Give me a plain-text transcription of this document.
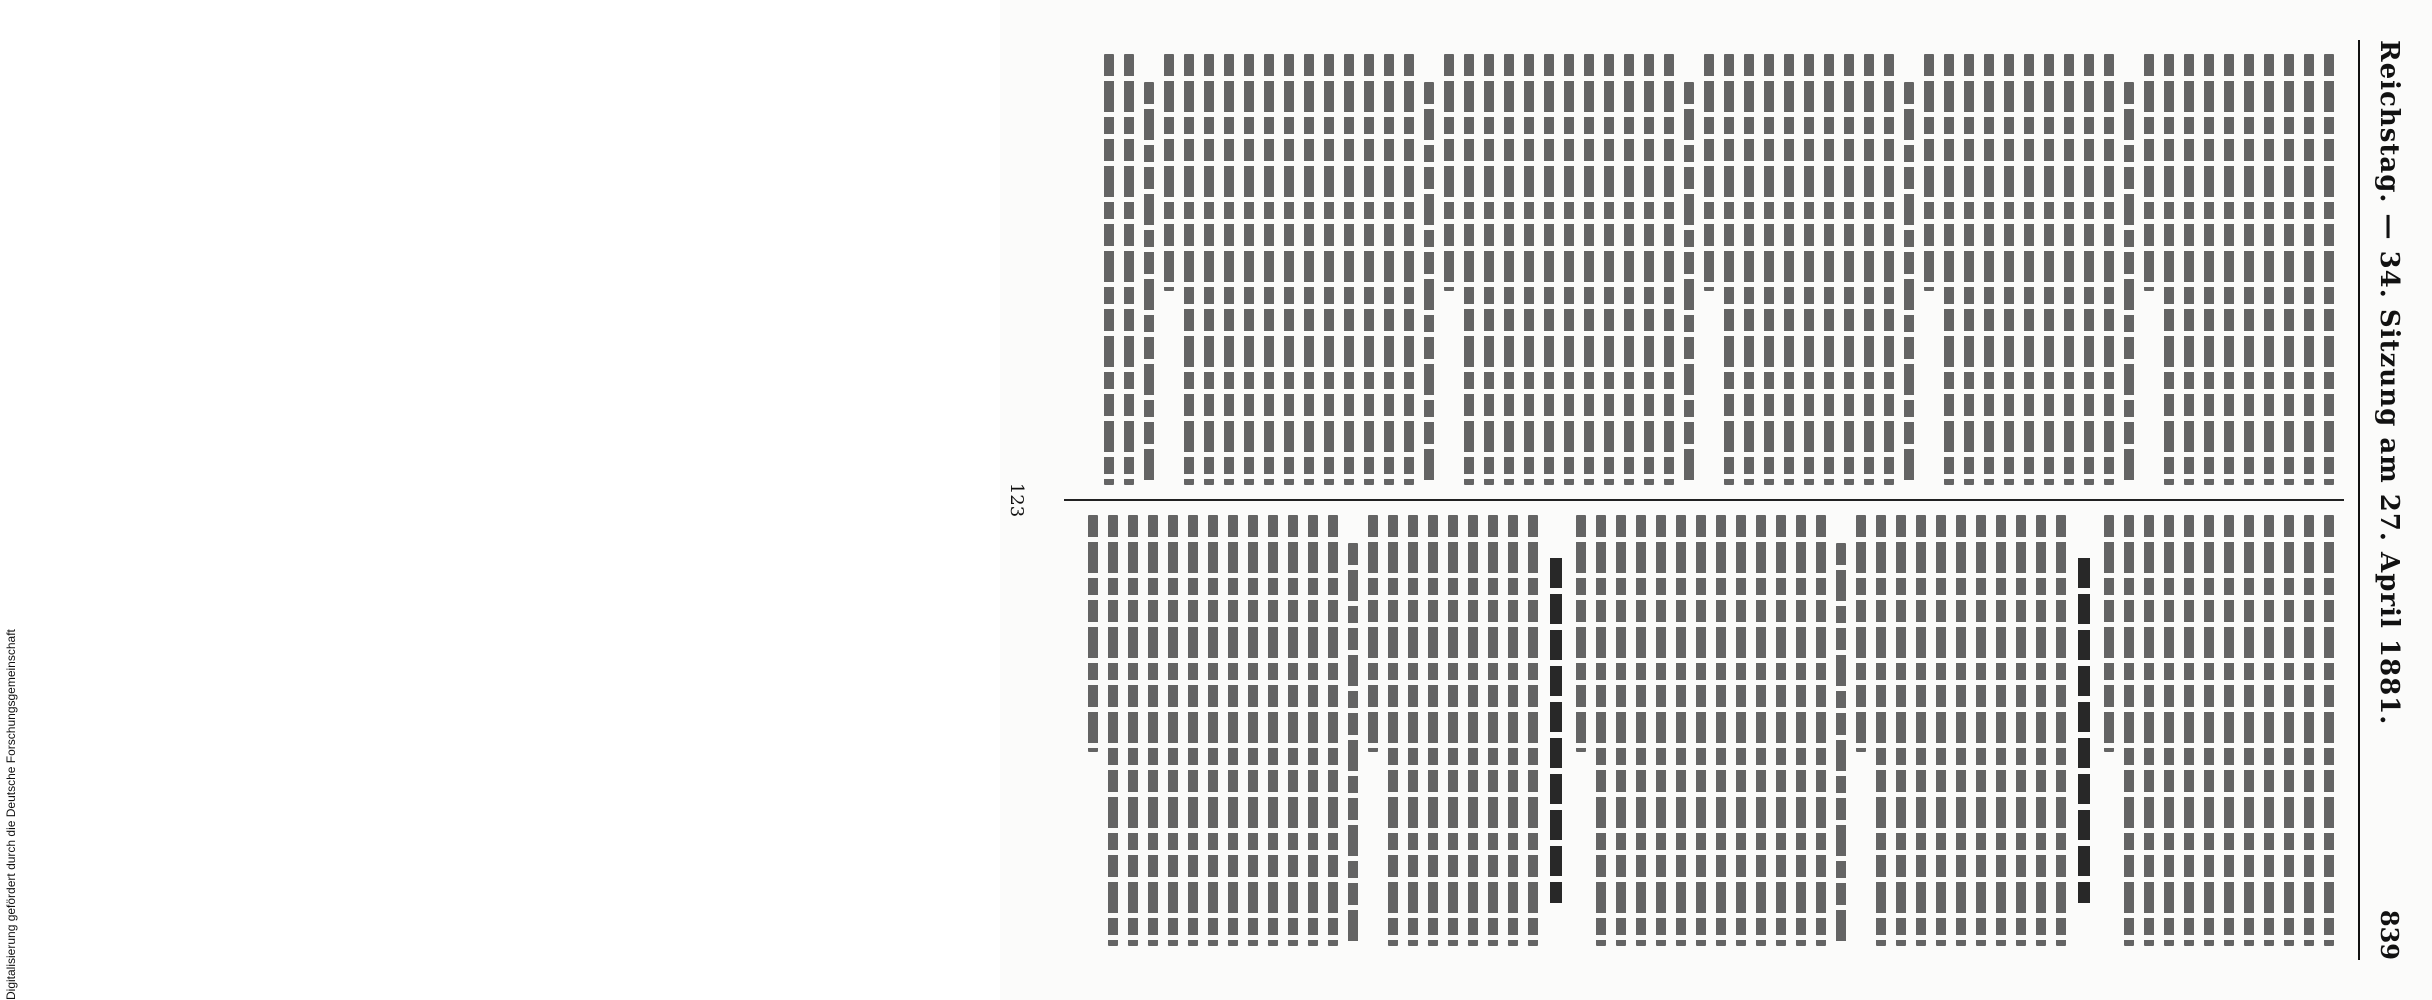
Reichstag. — 34. Sitzung am 27. April 1881.
839
123
Digitalisierung gefördert durch die Deutsche Forschungsgemeinschaft
